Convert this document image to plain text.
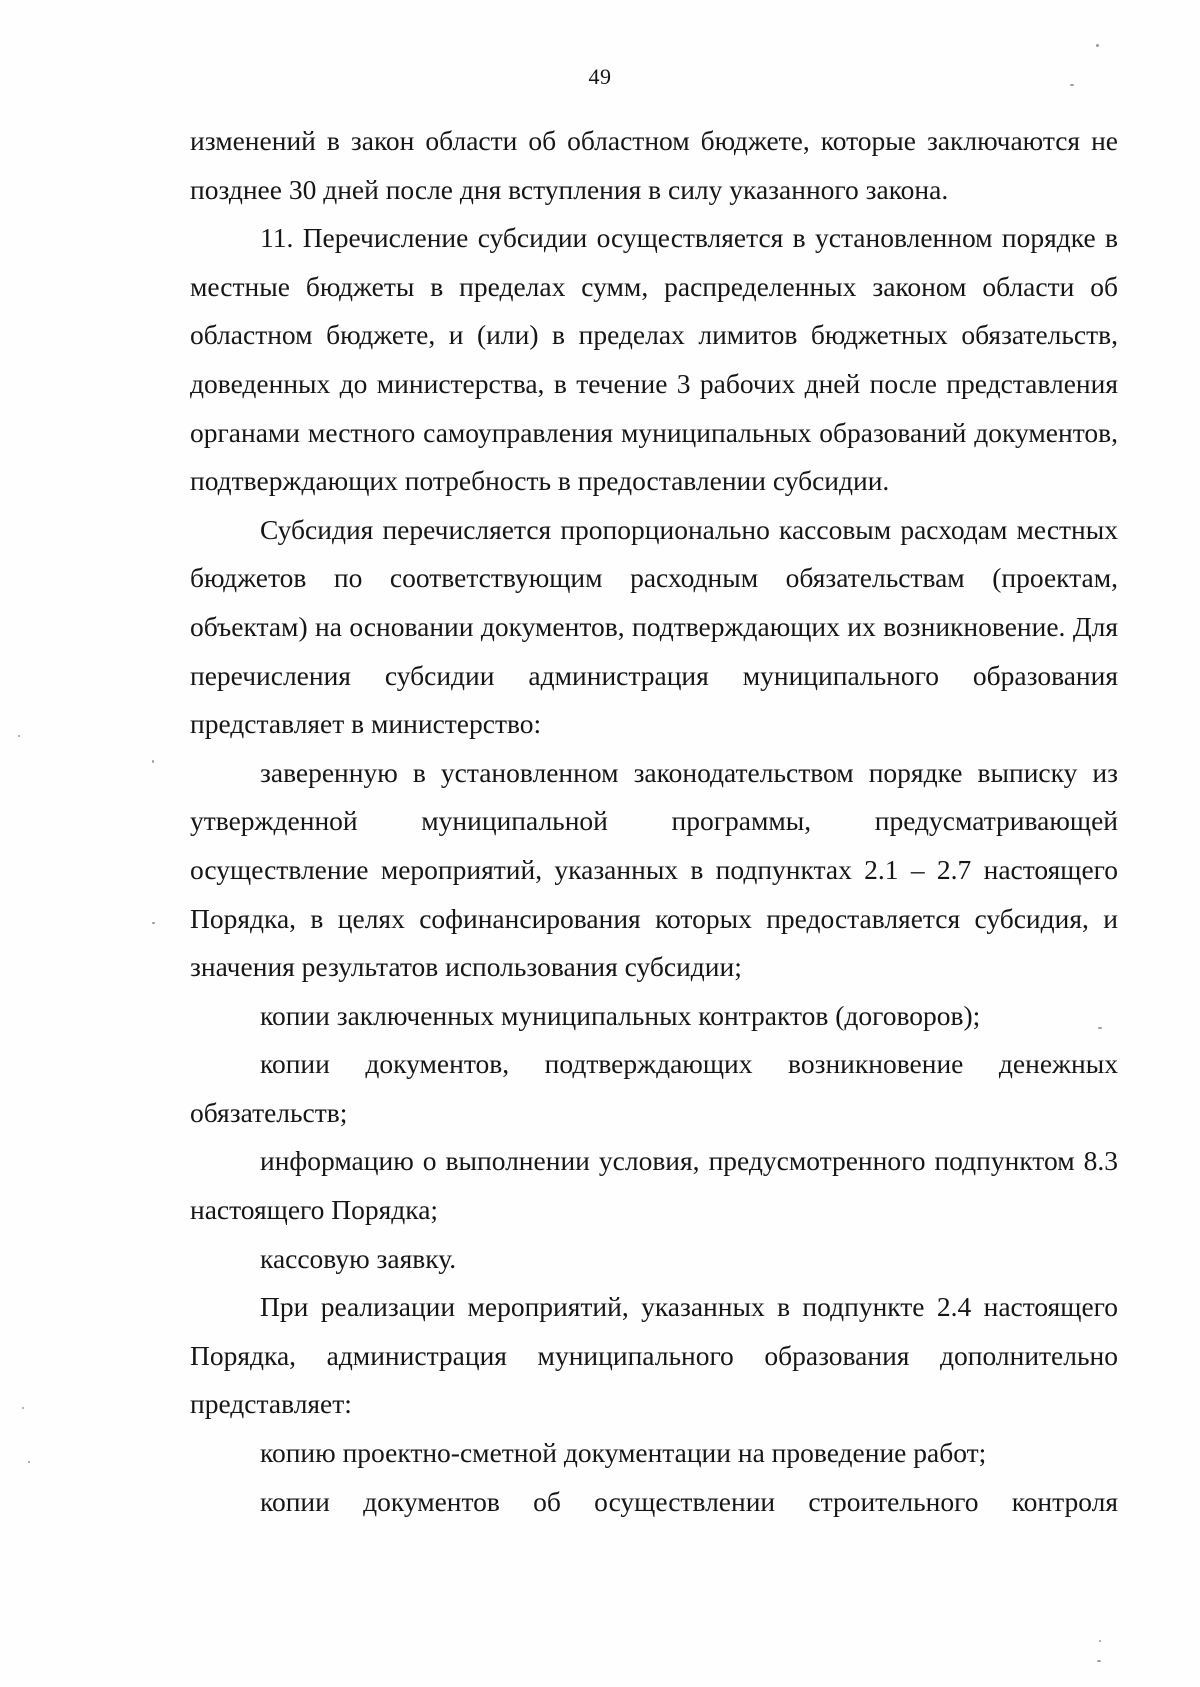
49

изменений в закон области об областном бюджете, которые заключаются не позднее 30 дней после дня вступления в силу указанного закона.

11. Перечисление субсидии осуществляется в установленном порядке в местные бюджеты в пределах сумм, распределенных законом области об областном бюджете, и (или) в пределах лимитов бюджетных обязательств, доведенных до министерства, в течение 3 рабочих дней после представления органами местного самоуправления муниципальных образований документов, подтверждающих потребность в предоставлении субсидии.

Субсидия перечисляется пропорционально кассовым расходам местных бюджетов по соответствующим расходным обязательствам (проектам, объектам) на основании документов, подтверждающих их возникновение. Для перечисления субсидии администрация муниципального образования представляет в министерство:

заверенную в установленном законодательством порядке выписку из утвержденной муниципальной программы, предусматривающей осуществление мероприятий, указанных в подпунктах 2.1 – 2.7 настоящего Порядка, в целях софинансирования которых предоставляется субсидия, и значения результатов использования субсидии;

копии заключенных муниципальных контрактов (договоров);

копии документов, подтверждающих возникновение денежных обязательств;

информацию о выполнении условия, предусмотренного подпунктом 8.3 настоящего Порядка;

кассовую заявку.

При реализации мероприятий, указанных в подпункте 2.4 настоящего Порядка, администрация муниципального образования дополнительно представляет:

копию проектно-сметной документации на проведение работ;

копии документов об осуществлении строительного контроля
